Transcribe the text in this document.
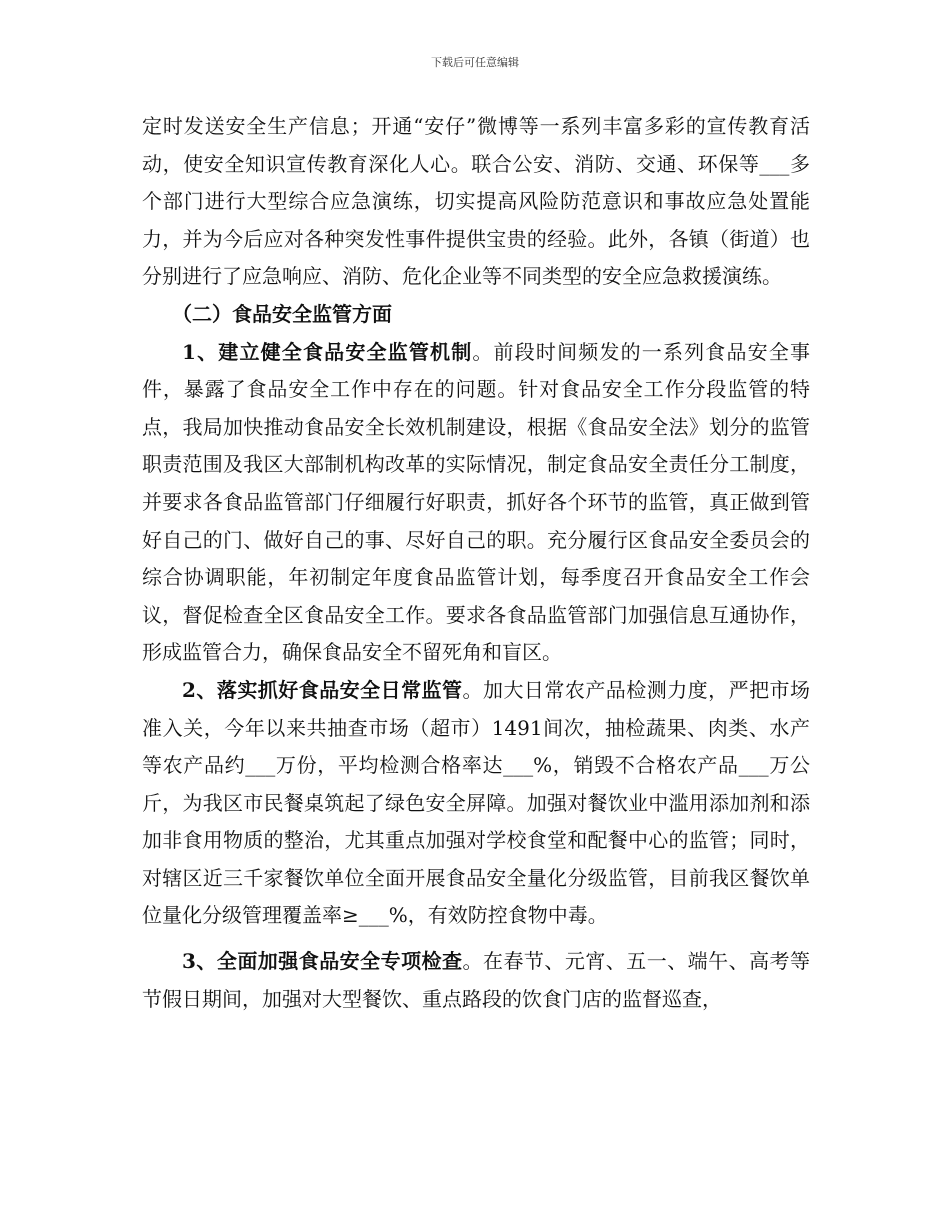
下载后可任意编辑

定时发送安全生产信息；开通“安仔”微博等一系列丰富多彩的宣传教育活动，使安全知识宣传教育深化人心。联合公安、消防、交通、环保等___多个部门进行大型综合应急演练，切实提高风险防范意识和事故应急处置能力，并为今后应对各种突发性事件提供宝贵的经验。此外，各镇（街道）也分别进行了应急响应、消防、危化企业等不同类型的安全应急救援演练。

（二）食品安全监管方面

1、建立健全食品安全监管机制。前段时间频发的一系列食品安全事件，暴露了食品安全工作中存在的问题。针对食品安全工作分段监管的特点，我局加快推动食品安全长效机制建设，根据《食品安全法》划分的监管职责范围及我区大部制机构改革的实际情况，制定食品安全责任分工制度，并要求各食品监管部门仔细履行好职责，抓好各个环节的监管，真正做到管好自己的门、做好自己的事、尽好自己的职。充分履行区食品安全委员会的综合协调职能，年初制定年度食品监管计划，每季度召开食品安全工作会议，督促检查全区食品安全工作。要求各食品监管部门加强信息互通协作，形成监管合力，确保食品安全不留死角和盲区。

2、落实抓好食品安全日常监管。加大日常农产品检测力度，严把市场准入关，今年以来共抽查市场（超市）1491间次，抽检蔬果、肉类、水产等农产品约___万份，平均检测合格率达___%，销毁不合格农产品___万公斤，为我区市民餐桌筑起了绿色安全屏障。加强对餐饮业中滥用添加剂和添加非食用物质的整治，尤其重点加强对学校食堂和配餐中心的监管；同时，对辖区近三千家餐饮单位全面开展食品安全量化分级监管，目前我区餐饮单位量化分级管理覆盖率≥___%，有效防控食物中毒。

3、全面加强食品安全专项检查。在春节、元宵、五一、端午、高考等节假日期间，加强对大型餐饮、重点路段的饮食门店的监督巡查，
